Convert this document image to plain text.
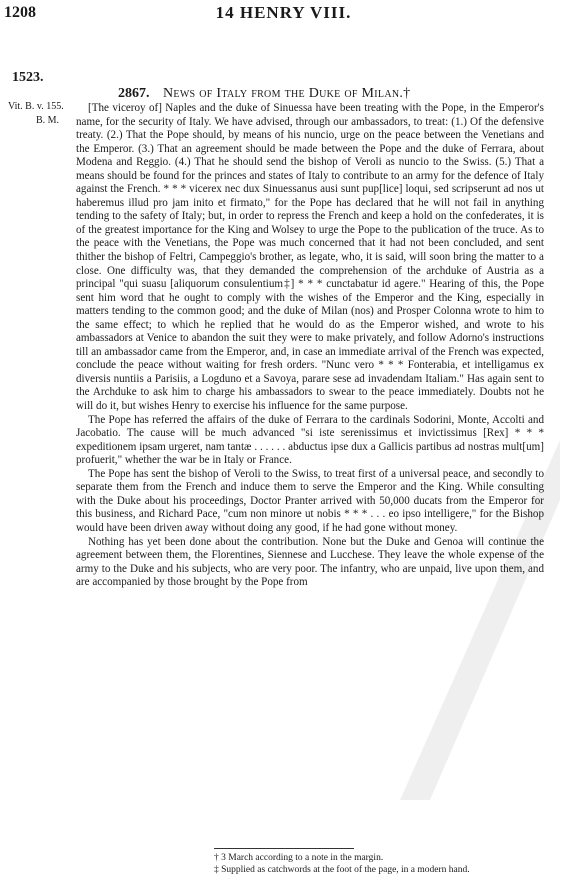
1208	14 HENRY VIII.
1523.
Vit. B. v. 155.
B. M.
2867. News of Italy from the Duke of Milan.†

[The viceroy of] Naples and the duke of Sinuessa have been treating with the Pope, in the Emperor's name, for the security of Italy. We have advised, through our ambassadors, to treat: (1.) Of the defensive treaty. (2.) That the Pope should, by means of his nuncio, urge on the peace between the Venetians and the Emperor. (3.) That an agreement should be made between the Pope and the duke of Ferrara, about Modena and Reggio. (4.) That he should send the bishop of Veroli as nuncio to the Swiss. (5.) That a means should be found for the princes and states of Italy to contribute to an army for the defence of Italy against the French. * * * vicerex nec dux Sinuessanus ausi sunt pup[lice] loqui, sed scripserunt ad nos ut haberemus illud pro jam inito et firmato," for the Pope has declared that he will not fail in anything tending to the safety of Italy; but, in order to repress the French and keep a hold on the confederates, it is of the greatest importance for the King and Wolsey to urge the Pope to the publication of the truce. As to the peace with the Venetians, the Pope was much concerned that it had not been concluded, and sent thither the bishop of Feltri, Campeggio's brother, as legate, who, it is said, will soon bring the matter to a close. One difficulty was, that they demanded the comprehension of the archduke of Austria as a principal "qui suasu [aliquorum consulentium‡] * * * cunctabatur id agere." Hearing of this, the Pope sent him word that he ought to comply with the wishes of the Emperor and the King, especially in matters tending to the common good; and the duke of Milan (nos) and Prosper Colonna wrote to him to the same effect; to which he replied that he would do as the Emperor wished, and wrote to his ambassadors at Venice to abandon the suit they were to make privately, and follow Adorno's instructions till an ambassador came from the Emperor, and, in case an immediate arrival of the French was expected, conclude the peace without waiting for fresh orders. "Nunc vero * * * Fonterabia, et intelligamus ex diversis nuntiis a Parisiis, a Logduno et a Savoya, parare sese ad invadendam Italiam." Has again sent to the Archduke to ask him to charge his ambassadors to swear to the peace immediately. Doubts not he will do it, but wishes Henry to exercise his influence for the same purpose.

The Pope has referred the affairs of the duke of Ferrara to the cardinals Sodorini, Monte, Accolti and Jacobatio. The cause will be much advanced "si iste serenissimus et invictissimus [Rex] * * * expeditionem ipsam urgeret, nam tantæ . . . . . . abductus ipse dux a Gallicis partibus ad nostras mult[um] profuerit," whether the war be in Italy or France.

The Pope has sent the bishop of Veroli to the Swiss, to treat first of a universal peace, and secondly to separate them from the French and induce them to serve the Emperor and the King. While consulting with the Duke about his proceedings, Doctor Pranter arrived with 50,000 ducats from the Emperor for this business, and Richard Pace, "cum non minore ut nobis * * * . . . eo ipso intelligere," for the Bishop would have been driven away without doing any good, if he had gone without money.

Nothing has yet been done about the contribution. None but the Duke and Genoa will continue the agreement between them, the Florentines, Siennese and Lucchese. They leave the whole expense of the army to the Duke and his subjects, who are very poor. The infantry, who are unpaid, live upon them, and are accompanied by those brought by the Pope from

† 3 March according to a note in the margin.
‡ Supplied as catchwords at the foot of the page, in a modern hand.
